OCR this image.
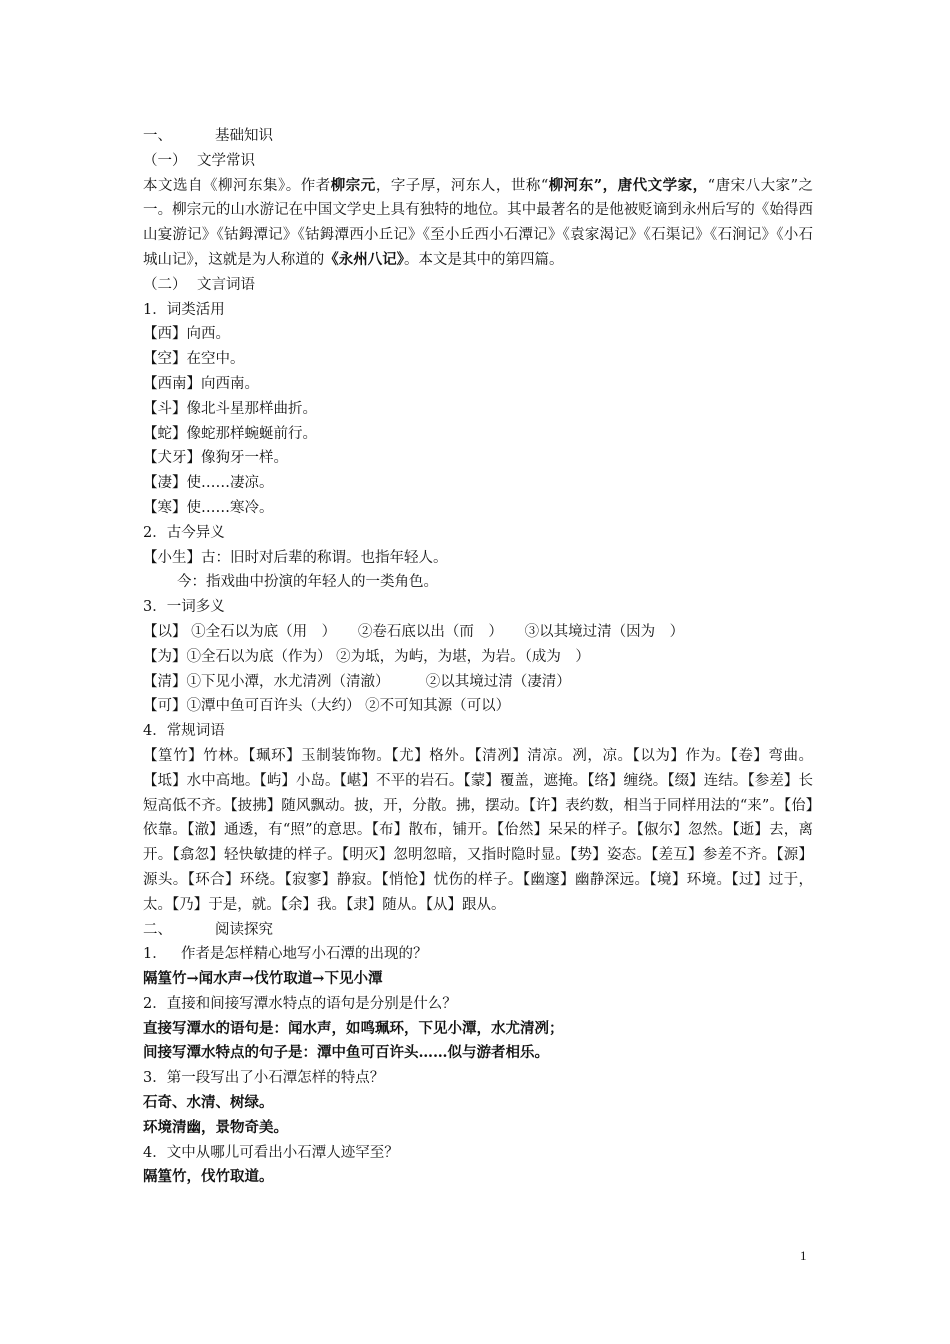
一、	基础知识
（一） 文学常识
本文选自《柳河东集》。作者柳宗元，字子厚，河东人，世称“柳河东”，唐代文学家，“唐宋八大家”之一。柳宗元的山水游记在中国文学史上具有独特的地位。其中最著名的是他被贬谪到永州后写的《始得西山宴游记》《钴鉧潭记》《钴鉧潭西小丘记》《至小丘西小石潭记》《袁家渴记》《石渠记》《石涧记》《小石城山记》，这就是为人称道的《永州八记》。本文是其中的第四篇。
（二） 文言词语
1．词类活用
【西】向西。
【空】在空中。
【西南】向西南。
【斗】像北斗星那样曲折。
【蛇】像蛇那样蜿蜒前行。
【犬牙】像狗牙一样。
【凄】使……凄凉。
【寒】使……寒冷。
2．古今异义
【小生】古：旧时对后辈的称谓。也指年轻人。
今：指戏曲中扮演的年轻人的一类角色。
3．一词多义
【以】 ①全石以为底（用　）　　②卷石底以出（而　）　　③以其境过清（因为　）
【为】①全石以为底（作为） ②为坻，为屿，为堪，为岩。（成为　）
【清】①下见小潭，水尤清冽（清澈）　　　②以其境过清（凄清）
【可】①潭中鱼可百许头（大约） ②不可知其源（可以）
4．常规词语
【篁竹】竹林。【珮环】玉制装饰物。【尤】格外。【清冽】清凉。冽，凉。【以为】作为。【卷】弯曲。【坻】水中高地。【屿】小岛。【嵁】不平的岩石。【蒙】覆盖，遮掩。【络】缠绕。【缀】连结。【参差】长短高低不齐。【披拂】随风飘动。披，开，分散。拂，摆动。【许】表约数，相当于同样用法的“来”。【佁】依靠。【澈】通透，有“照”的意思。【布】散布，铺开。【佁然】呆呆的样子。【俶尔】忽然。【逝】去，离开。【翕忽】轻快敏捷的样子。【明灭】忽明忽暗，又指时隐时显。【势】姿态。【差互】参差不齐。【源】源头。【环合】环绕。【寂寥】静寂。【悄怆】忧伤的样子。【幽邃】幽静深远。【境】环境。【过】过于，太。【乃】于是，就。【余】我。【隶】随从。【从】跟从。
二、	阅读探究
1． 作者是怎样精心地写小石潭的出现的？
隔篁竹→闻水声→伐竹取道→下见小潭
2．直接和间接写潭水特点的语句是分别是什么？
直接写潭水的语句是：闻水声，如鸣珮环，下见小潭，水尤清冽；
间接写潭水特点的句子是：潭中鱼可百许头……似与游者相乐。
3．第一段写出了小石潭怎样的特点？
石奇、水清、树绿。
环境清幽，景物奇美。
4．文中从哪儿可看出小石潭人迹罕至？
隔篁竹，伐竹取道。
1
